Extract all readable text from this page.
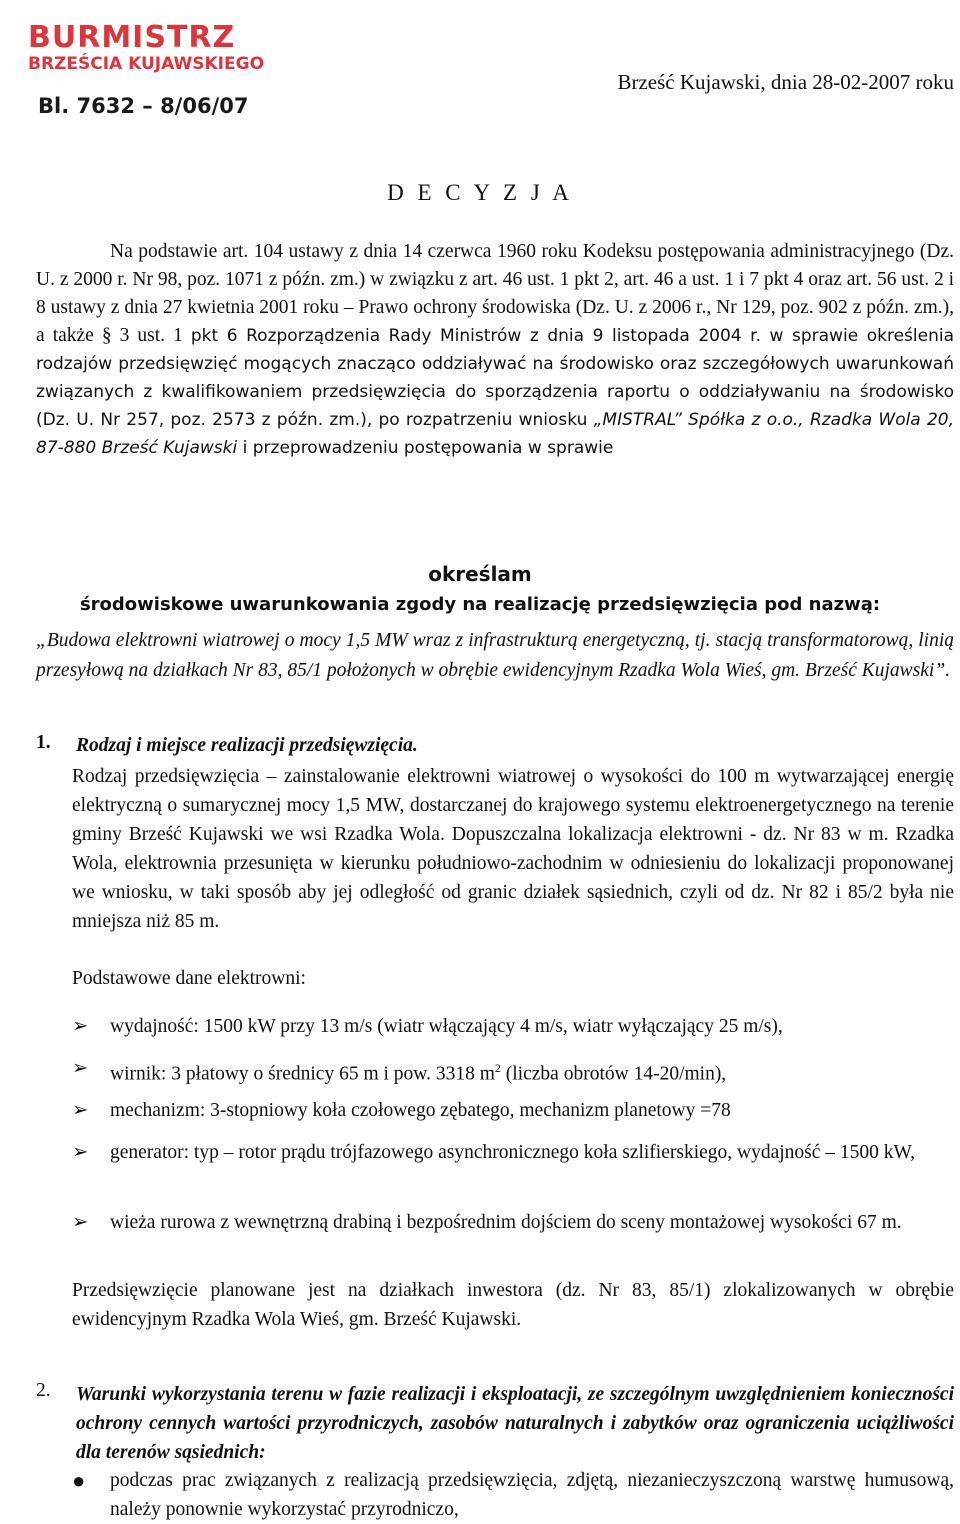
BURMISTRZ
BRZEŚCIA KUJAWSKIEGO
Bl. 7632 – 8/06/07
Brześć Kujawski, dnia 28-02-2007 roku
D E C Y Z J A
Na podstawie art. 104 ustawy z dnia 14 czerwca 1960 roku Kodeksu postępowania administracyjnego (Dz. U. z 2000 r. Nr 98, poz. 1071 z późn. zm.) w związku z art. 46 ust. 1 pkt 2, art. 46 a ust. 1 i 7 pkt 4 oraz art. 56 ust. 2 i 8 ustawy z dnia 27 kwietnia 2001 roku – Prawo ochrony środowiska (Dz. U. z 2006 r., Nr 129, poz. 902 z późn. zm.), a także § 3 ust. 1 pkt 6 Rozporządzenia Rady Ministrów z dnia 9 listopada 2004 r. w sprawie określenia rodzajów przedsięwzięć mogących znacząco oddziaływać na środowisko oraz szczegółowych uwarunkowań związanych z kwalifikowaniem przedsięwzięcia do sporządzenia raportu o oddziaływaniu na środowisko (Dz. U. Nr 257, poz. 2573 z późn. zm.), po rozpatrzeniu wniosku „MISTRAL” Spółka z o.o., Rzadka Wola 20, 87-880 Brześć Kujawski i przeprowadzeniu postępowania w sprawie
określam
środowiskowe uwarunkowania zgody na realizację przedsięwzięcia pod nazwą:
„Budowa elektrowni wiatrowej o mocy 1,5 MW wraz z infrastrukturą energetyczną, tj. stacją transformatorową, linią przesyłową na działkach Nr 83, 85/1 położonych w obrębie ewidencyjnym Rzadka Wola Wieś, gm. Brześć Kujawski”.
1. Rodzaj i miejsce realizacji przedsięwzięcia.
Rodzaj przedsięwzięcia – zainstalowanie elektrowni wiatrowej o wysokości do 100 m wytwarzającej energię elektryczną o sumarycznej mocy 1,5 MW, dostarczanej do krajowego systemu elektroenergetycznego na terenie gminy Brześć Kujawski we wsi Rzadka Wola. Dopuszczalna lokalizacja elektrowni - dz. Nr 83 w m. Rzadka Wola, elektrownia przesunięta w kierunku południowo-zachodnim w odniesieniu do lokalizacji proponowanej we wniosku, w taki sposób aby jej odległość od granic działek sąsiednich, czyli od dz. Nr 82 i 85/2 była nie mniejsza niż 85 m.
Podstawowe dane elektrowni:
➢	wydajność: 1500 kW przy 13 m/s (wiatr włączający 4 m/s, wiatr wyłączający 25 m/s),
➢	wirnik: 3 płatowy o średnicy 65 m i pow. 3318 $m^2$ (liczba obrotów 14-20/min),
➢	mechanizm: 3-stopniowy koła czołowego zębatego, mechanizm planetowy =78
➢	generator: typ – rotor prądu trójfazowego asynchronicznego koła szlifierskiego, wydajność – 1500 kW,
➢	wieża rurowa z wewnętrzną drabiną i bezpośrednim dojściem do sceny montażowej wysokości 67 m.
Przedsięwzięcie planowane jest na działkach inwestora (dz. Nr 83, 85/1) zlokalizowanych w obrębie ewidencyjnym Rzadka Wola Wieś, gm. Brześć Kujawski.
2. Warunki wykorzystania terenu w fazie realizacji i eksploatacji, ze szczególnym uwzględnieniem konieczności ochrony cennych wartości przyrodniczych, zasobów naturalnych i zabytków oraz ograniczenia uciążliwości dla terenów sąsiednich:
●	podczas prac związanych z realizacją przedsięwzięcia, zdjętą, niezanieczyszczoną warstwę humusową, należy ponownie wykorzystać przyrodniczo,
